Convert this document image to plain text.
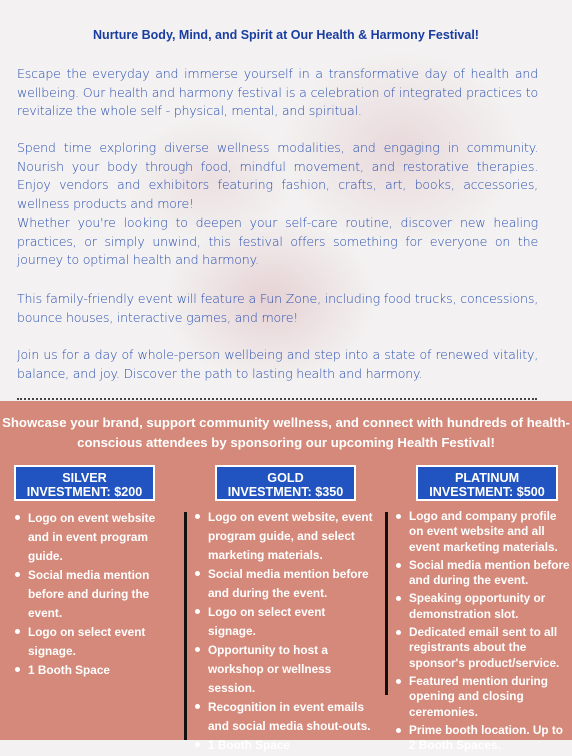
Nurture Body, Mind, and Spirit at Our Health & Harmony Festival!

Escape the everyday and immerse yourself in a transformative day of health and wellbeing. Our health and harmony festival is a celebration of integrated practices to revitalize the whole self - physical, mental, and spiritual.

Spend time exploring diverse wellness modalities, and engaging in community. Nourish your body through food, mindful movement, and restorative therapies. Enjoy vendors and exhibitors featuring fashion, crafts, art, books, accessories, wellness products and more!

Whether you're looking to deepen your self-care routine, discover new healing practices, or simply unwind, this festival offers something for everyone on the journey to optimal health and harmony.

This family-friendly event will feature a Fun Zone, including food trucks, concessions, bounce houses, interactive games, and more!

Join us for a day of whole-person wellbeing and step into a state of renewed vitality, balance, and joy. Discover the path to lasting health and harmony.

Showcase your brand, support community wellness, and connect with hundreds of health-conscious attendees by sponsoring our upcoming Health Festival!

SILVER
INVESTMENT: $200
Logo on event website and in event program guide.
Social media mention before and during the event.
Logo on select event signage.
1 Booth Space
GOLD
INVESTMENT: $350
Logo on event website, event program guide, and select marketing materials.
Social media mention before and during the event.
Logo on select event signage.
Opportunity to host a workshop or wellness session.
Recognition in event emails and social media shout-outs.
1 Booth Space
PLATINUM
INVESTMENT: $500
Logo and company profile on event website and all event marketing materials.
Social media mention before and during the event.
Speaking opportunity or demonstration slot.
Dedicated email sent to all registrants about the sponsor's product/service.
Featured mention during opening and closing ceremonies.
Prime booth location. Up to 2 Booth Spaces.
